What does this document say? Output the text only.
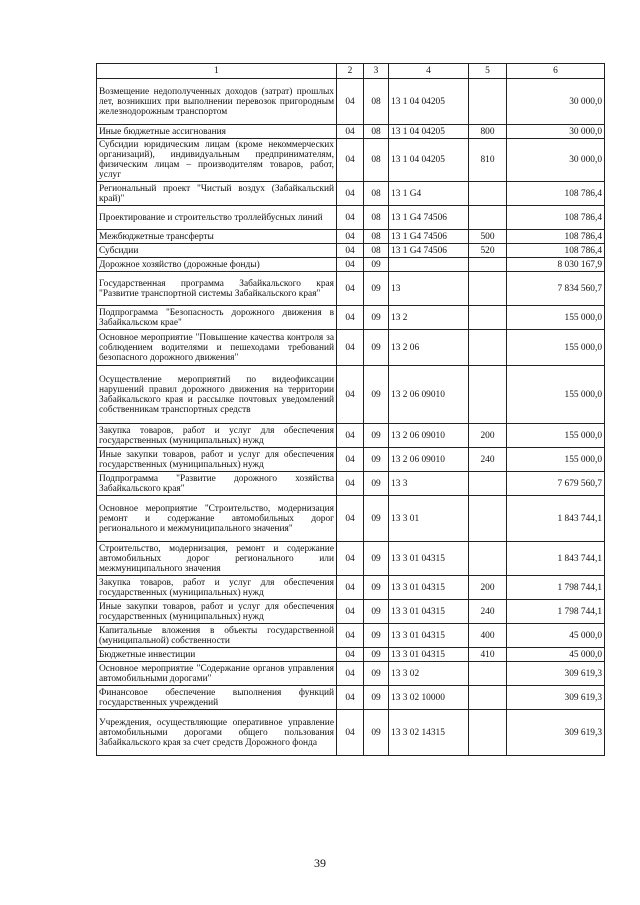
1	2	3	4	5	6
Возмещение недополученных доходов (затрат) прошлых лет, возникших при выполнении перевозок пригородным железнодорожным транспортом	04	08	13 1 04 04205		30 000,0
Иные бюджетные ассигнования	04	08	13 1 04 04205	800	30 000,0
Субсидии юридическим лицам (кроме некоммерческих организаций), индивидуальным предпринимателям, физическим лицам – производителям товаров, работ, услуг	04	08	13 1 04 04205	810	30 000,0
Региональный проект "Чистый воздух (Забайкальский край)"	04	08	13 1 G4		108 786,4
Проектирование и строительство троллейбусных линий	04	08	13 1 G4 74506		108 786,4
Межбюджетные трансферты	04	08	13 1 G4 74506	500	108 786,4
Субсидии	04	08	13 1 G4 74506	520	108 786,4
Дорожное хозяйство (дорожные фонды)	04	09			8 030 167,9
Государственная программа Забайкальского края "Развитие транспортной системы Забайкальского края"	04	09	13		7 834 560,7
Подпрограмма "Безопасность дорожного движения в Забайкальском крае"	04	09	13 2		155 000,0
Основное мероприятие "Повышение качества контроля за соблюдением водителями и пешеходами требований безопасного дорожного движения"	04	09	13 2 06		155 000,0
Осуществление мероприятий по видеофиксации нарушений правил дорожного движения на территории Забайкальского края и рассылке почтовых уведомлений собственникам транспортных средств	04	09	13 2 06 09010		155 000,0
Закупка товаров, работ и услуг для обеспечения государственных (муниципальных) нужд	04	09	13 2 06 09010	200	155 000,0
Иные закупки товаров, работ и услуг для обеспечения государственных (муниципальных) нужд	04	09	13 2 06 09010	240	155 000,0
Подпрограмма "Развитие дорожного хозяйства Забайкальского края"	04	09	13 3		7 679 560,7
Основное мероприятие "Строительство, модернизация ремонт и содержание автомобильных дорог регионального и межмуниципального значения"	04	09	13 3 01		1 843 744,1
Строительство, модернизация, ремонт и содержание автомобильных дорог регионального или межмуниципального значения	04	09	13 3 01 04315		1 843 744,1
Закупка товаров, работ и услуг для обеспечения государственных (муниципальных) нужд	04	09	13 3 01 04315	200	1 798 744,1
Иные закупки товаров, работ и услуг для обеспечения государственных (муниципальных) нужд	04	09	13 3 01 04315	240	1 798 744,1
Капитальные вложения в объекты государственной (муниципальной) собственности	04	09	13 3 01 04315	400	45 000,0
Бюджетные инвестиции	04	09	13 3 01 04315	410	45 000,0
Основное мероприятие "Содержание органов управления автомобильными дорогами"	04	09	13 3 02		309 619,3
Финансовое обеспечение выполнения функций государственных учреждений	04	09	13 3 02 10000		309 619,3
Учреждения, осуществляющие оперативное управление автомобильными дорогами общего пользования Забайкальского края за счет средств Дорожного фонда	04	09	13 3 02 14315		309 619,3
39
